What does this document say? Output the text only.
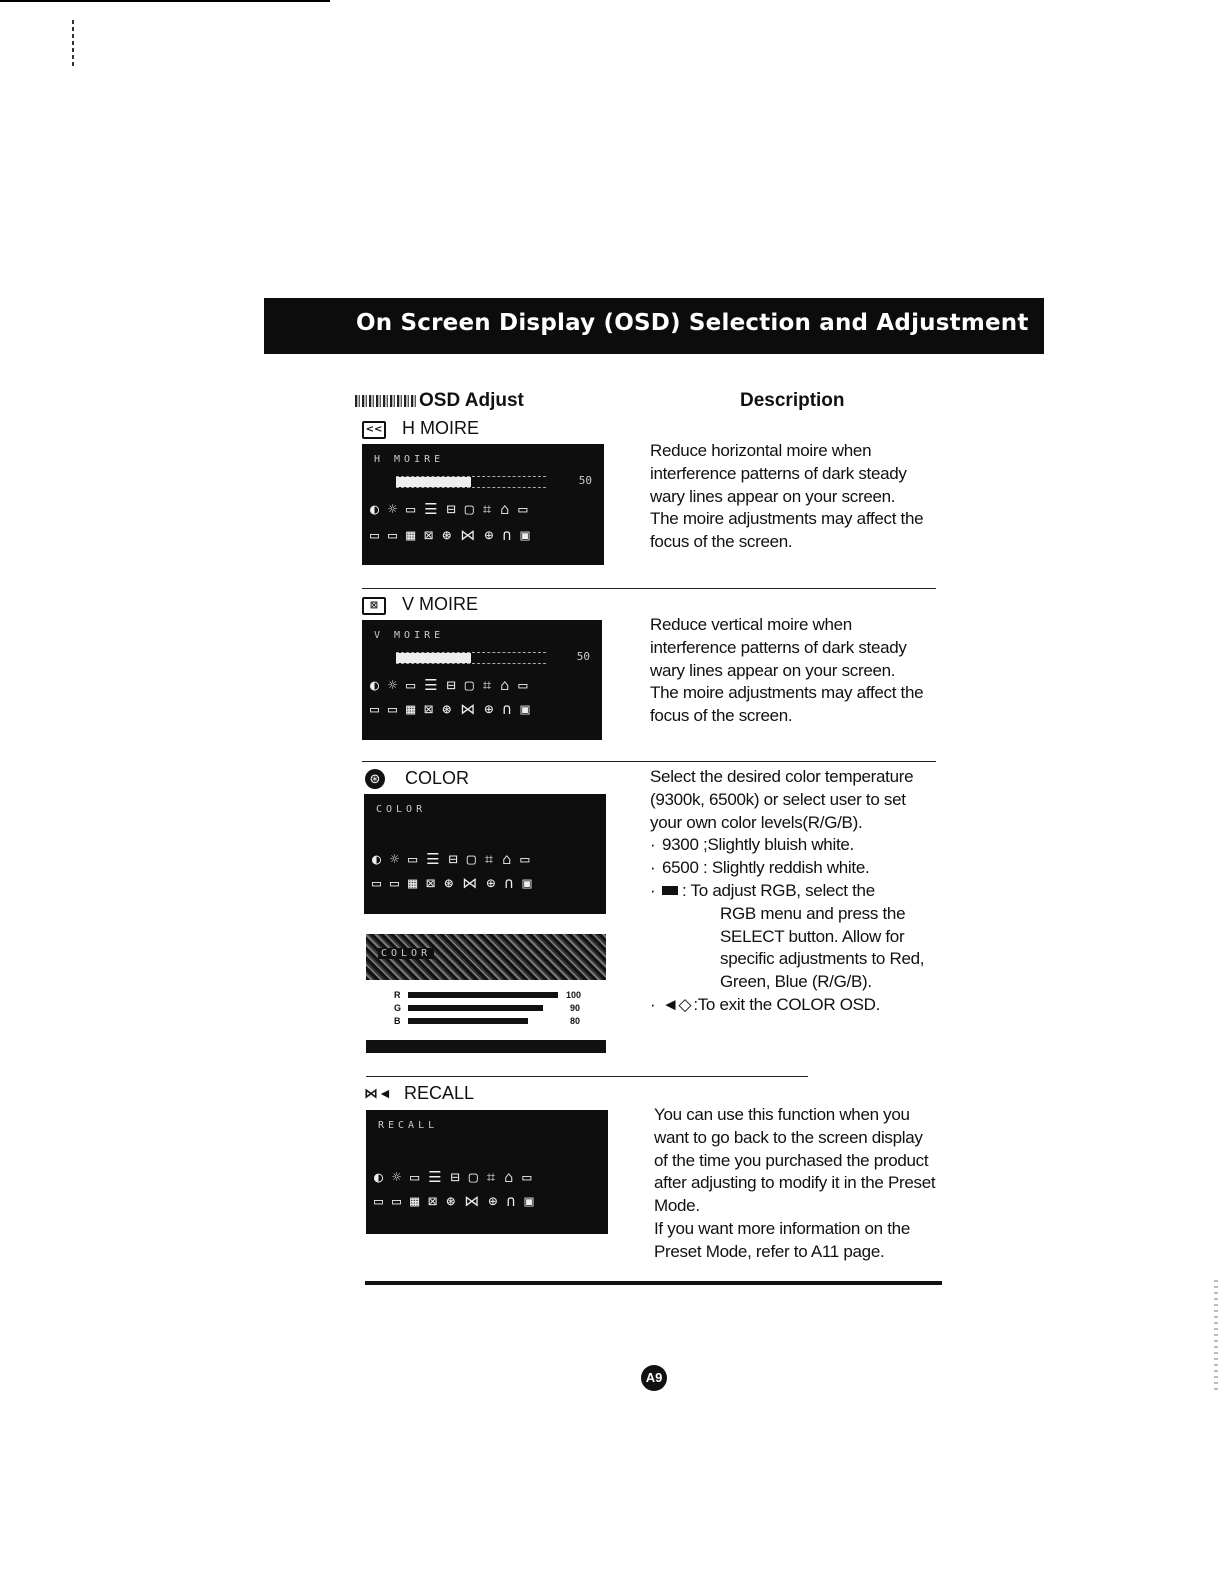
On Screen Display (OSD) Selection and Adjustment
OSD Adjust	Description
<<	H MOIRE
H MOIRE
50
◐ ☼ ▭ ☰ ⊟ ▢ ⌗ ⌂ ▭
▭ ▭ ▦ ⊠ ⊛ ⋈ ⊕ ∩ ▣
Reduce horizontal moire when
interference patterns of dark steady
wary lines appear on your screen.
The moire adjustments may affect the
focus of the screen.
⊠	V MOIRE
V MOIRE
50
◐ ☼ ▭ ☰ ⊟ ▢ ⌗ ⌂ ▭
▭ ▭ ▦ ⊠ ⊛ ⋈ ⊕ ∩ ▣
Reduce vertical moire when
interference patterns of dark steady
wary lines appear on your screen.
The moire adjustments may affect the
focus of the screen.
⊛	COLOR
COLOR
◐ ☼ ▭ ☰ ⊟ ▢ ⌗ ⌂ ▭
▭ ▭ ▦ ⊠ ⊛ ⋈ ⊕ ∩ ▣
COLOR
R	100
G	90
B	80
Select the desired color temperature
(9300k, 6500k) or select user to set
your own color levels(R/G/B).
· 9300 ;Slightly bluish white.
· 6500 : Slightly reddish white.
·	: To adjust RGB, select the
RGB menu and press the
SELECT button. Allow for
specific adjustments to Red,
Green, Blue (R/G/B).
· ◄◇ :To exit the COLOR OSD.
⋈◄ RECALL
RECALL
◐ ☼ ▭ ☰ ⊟ ▢ ⌗ ⌂ ▭
▭ ▭ ▦ ⊠ ⊛ ⋈ ⊕ ∩ ▣
You can use this function when you
want to go back to the screen display
of the time you purchased the product
after adjusting to modify it in the Preset
Mode.
If you want more information on the
Preset Mode, refer to A11 page.
A9
